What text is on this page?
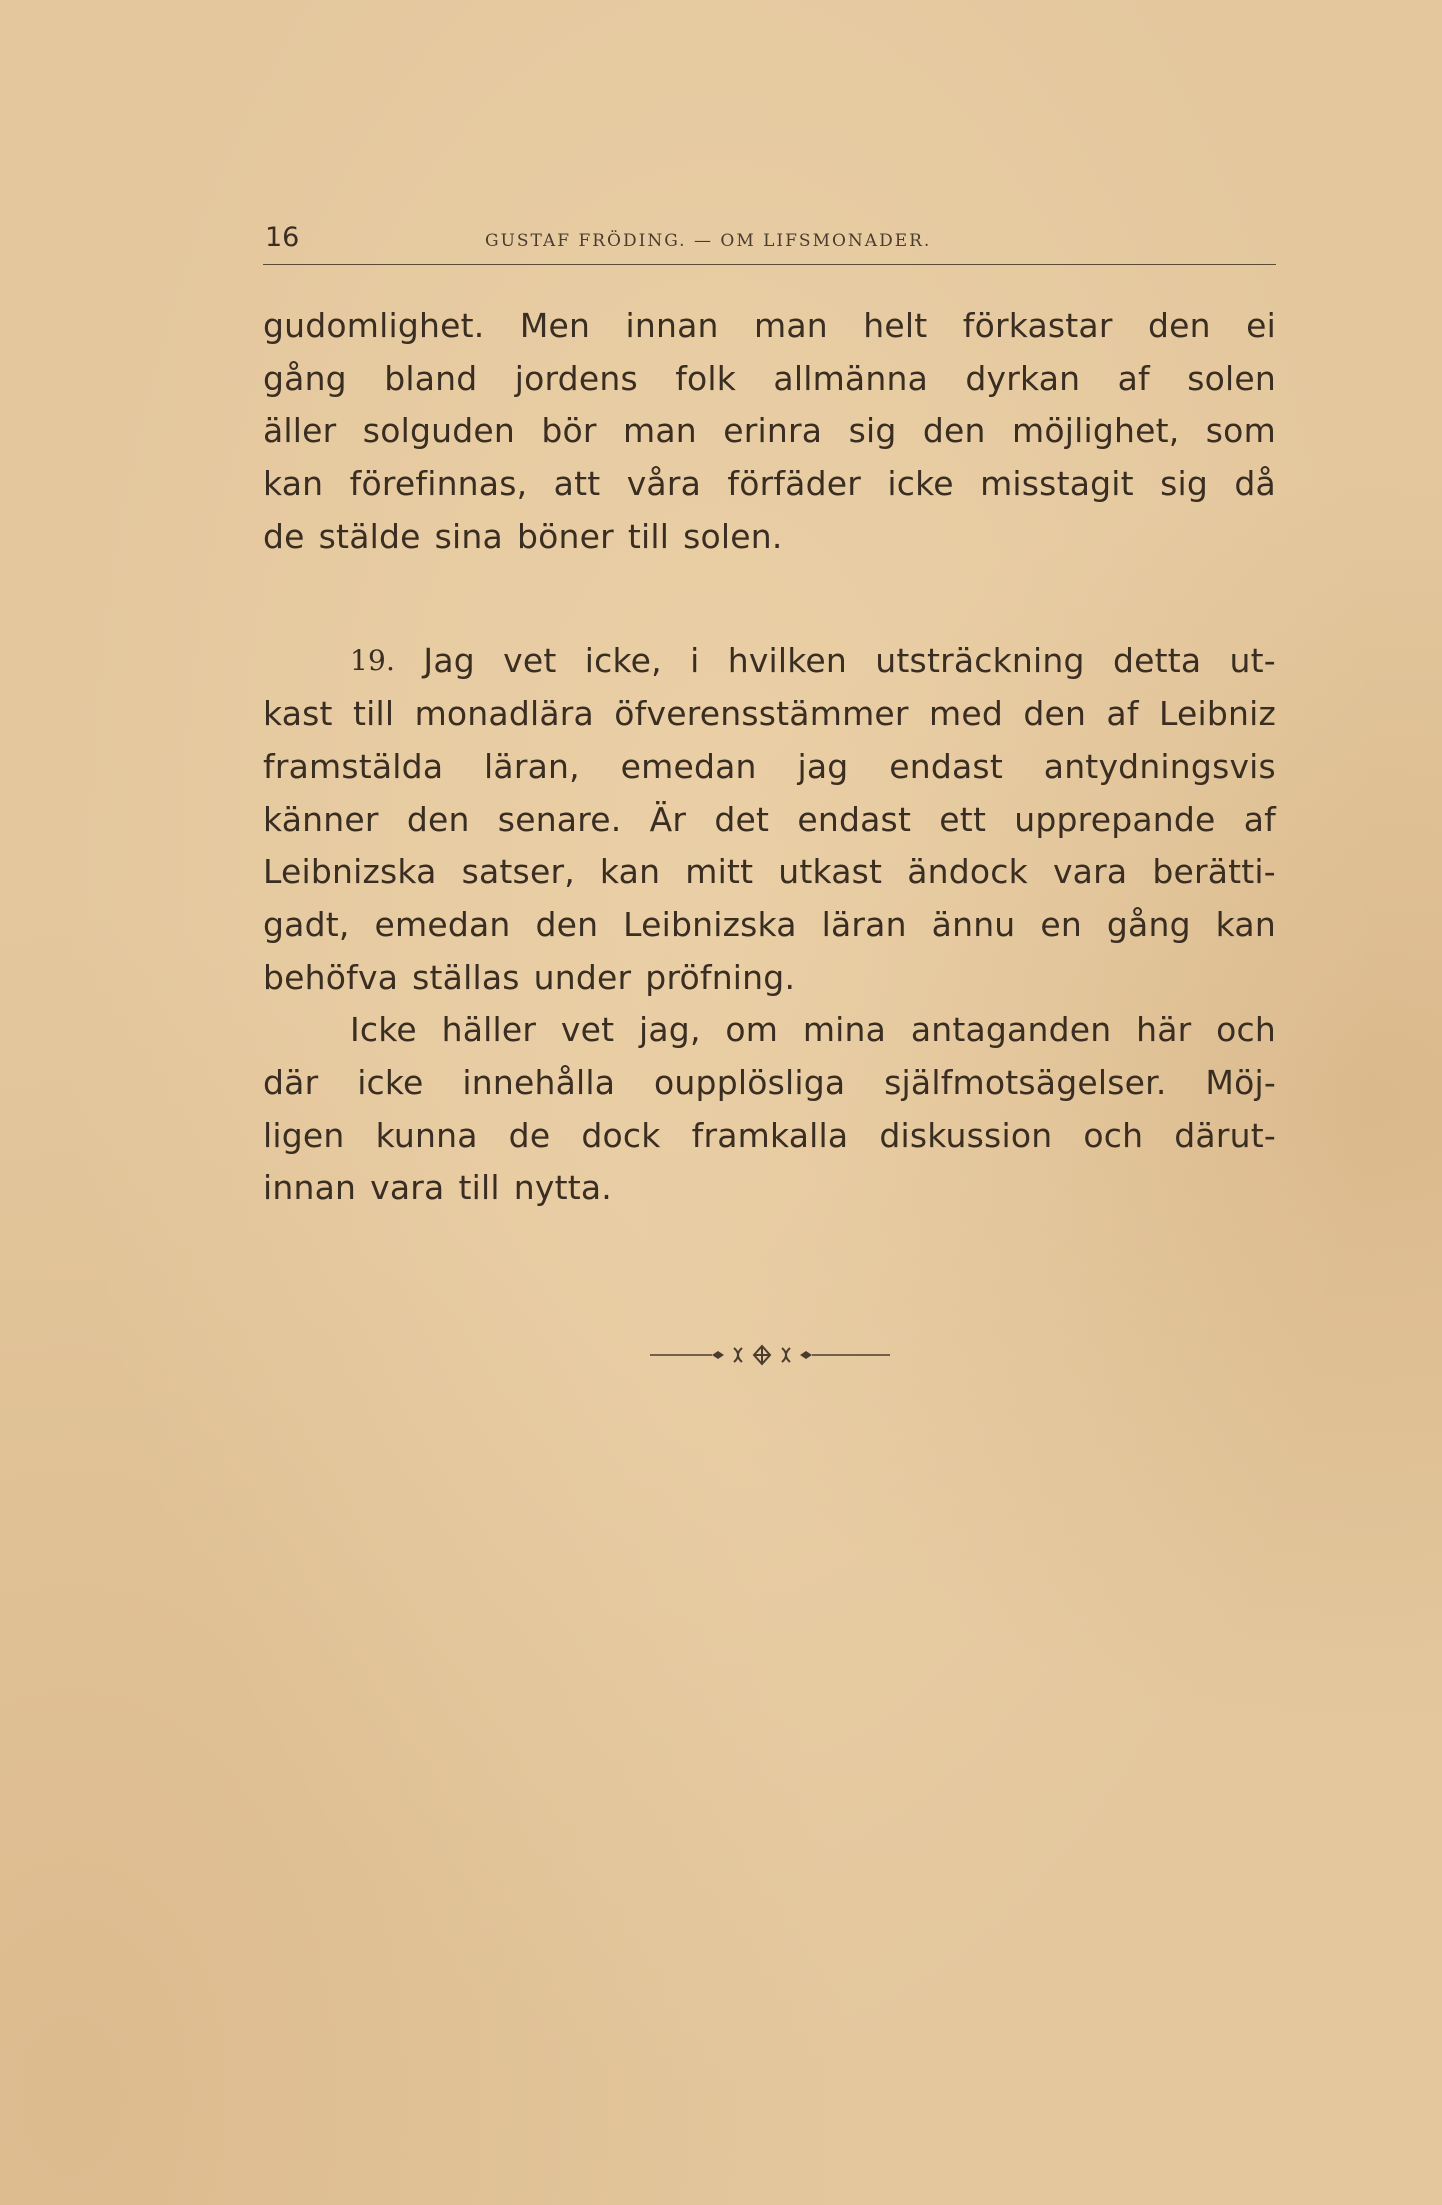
16	GUSTAF FRÖDING. — OM LIFSMONADER.
gudomlighet. Men innan man helt förkastar den ei
gång bland jordens folk allmänna dyrkan af solen
äller solguden bör man erinra sig den möjlighet, som
kan förefinnas, att våra förfäder icke misstagit sig då
de stälde sina böner till solen.
19. Jag vet icke, i hvilken utsträckning detta ut-
kast till monadlära öfverensstämmer med den af Leibniz
framstälda läran, emedan jag endast antydningsvis
känner den senare. Är det endast ett upprepande af
Leibnizska satser, kan mitt utkast ändock vara berätti-
gadt, emedan den Leibnizska läran ännu en gång kan
behöfva ställas under pröfning.
Icke häller vet jag, om mina antaganden här och
där icke innehålla oupplösliga själfmotsägelser. Möj-
ligen kunna de dock framkalla diskussion och därut-
innan vara till nytta.
